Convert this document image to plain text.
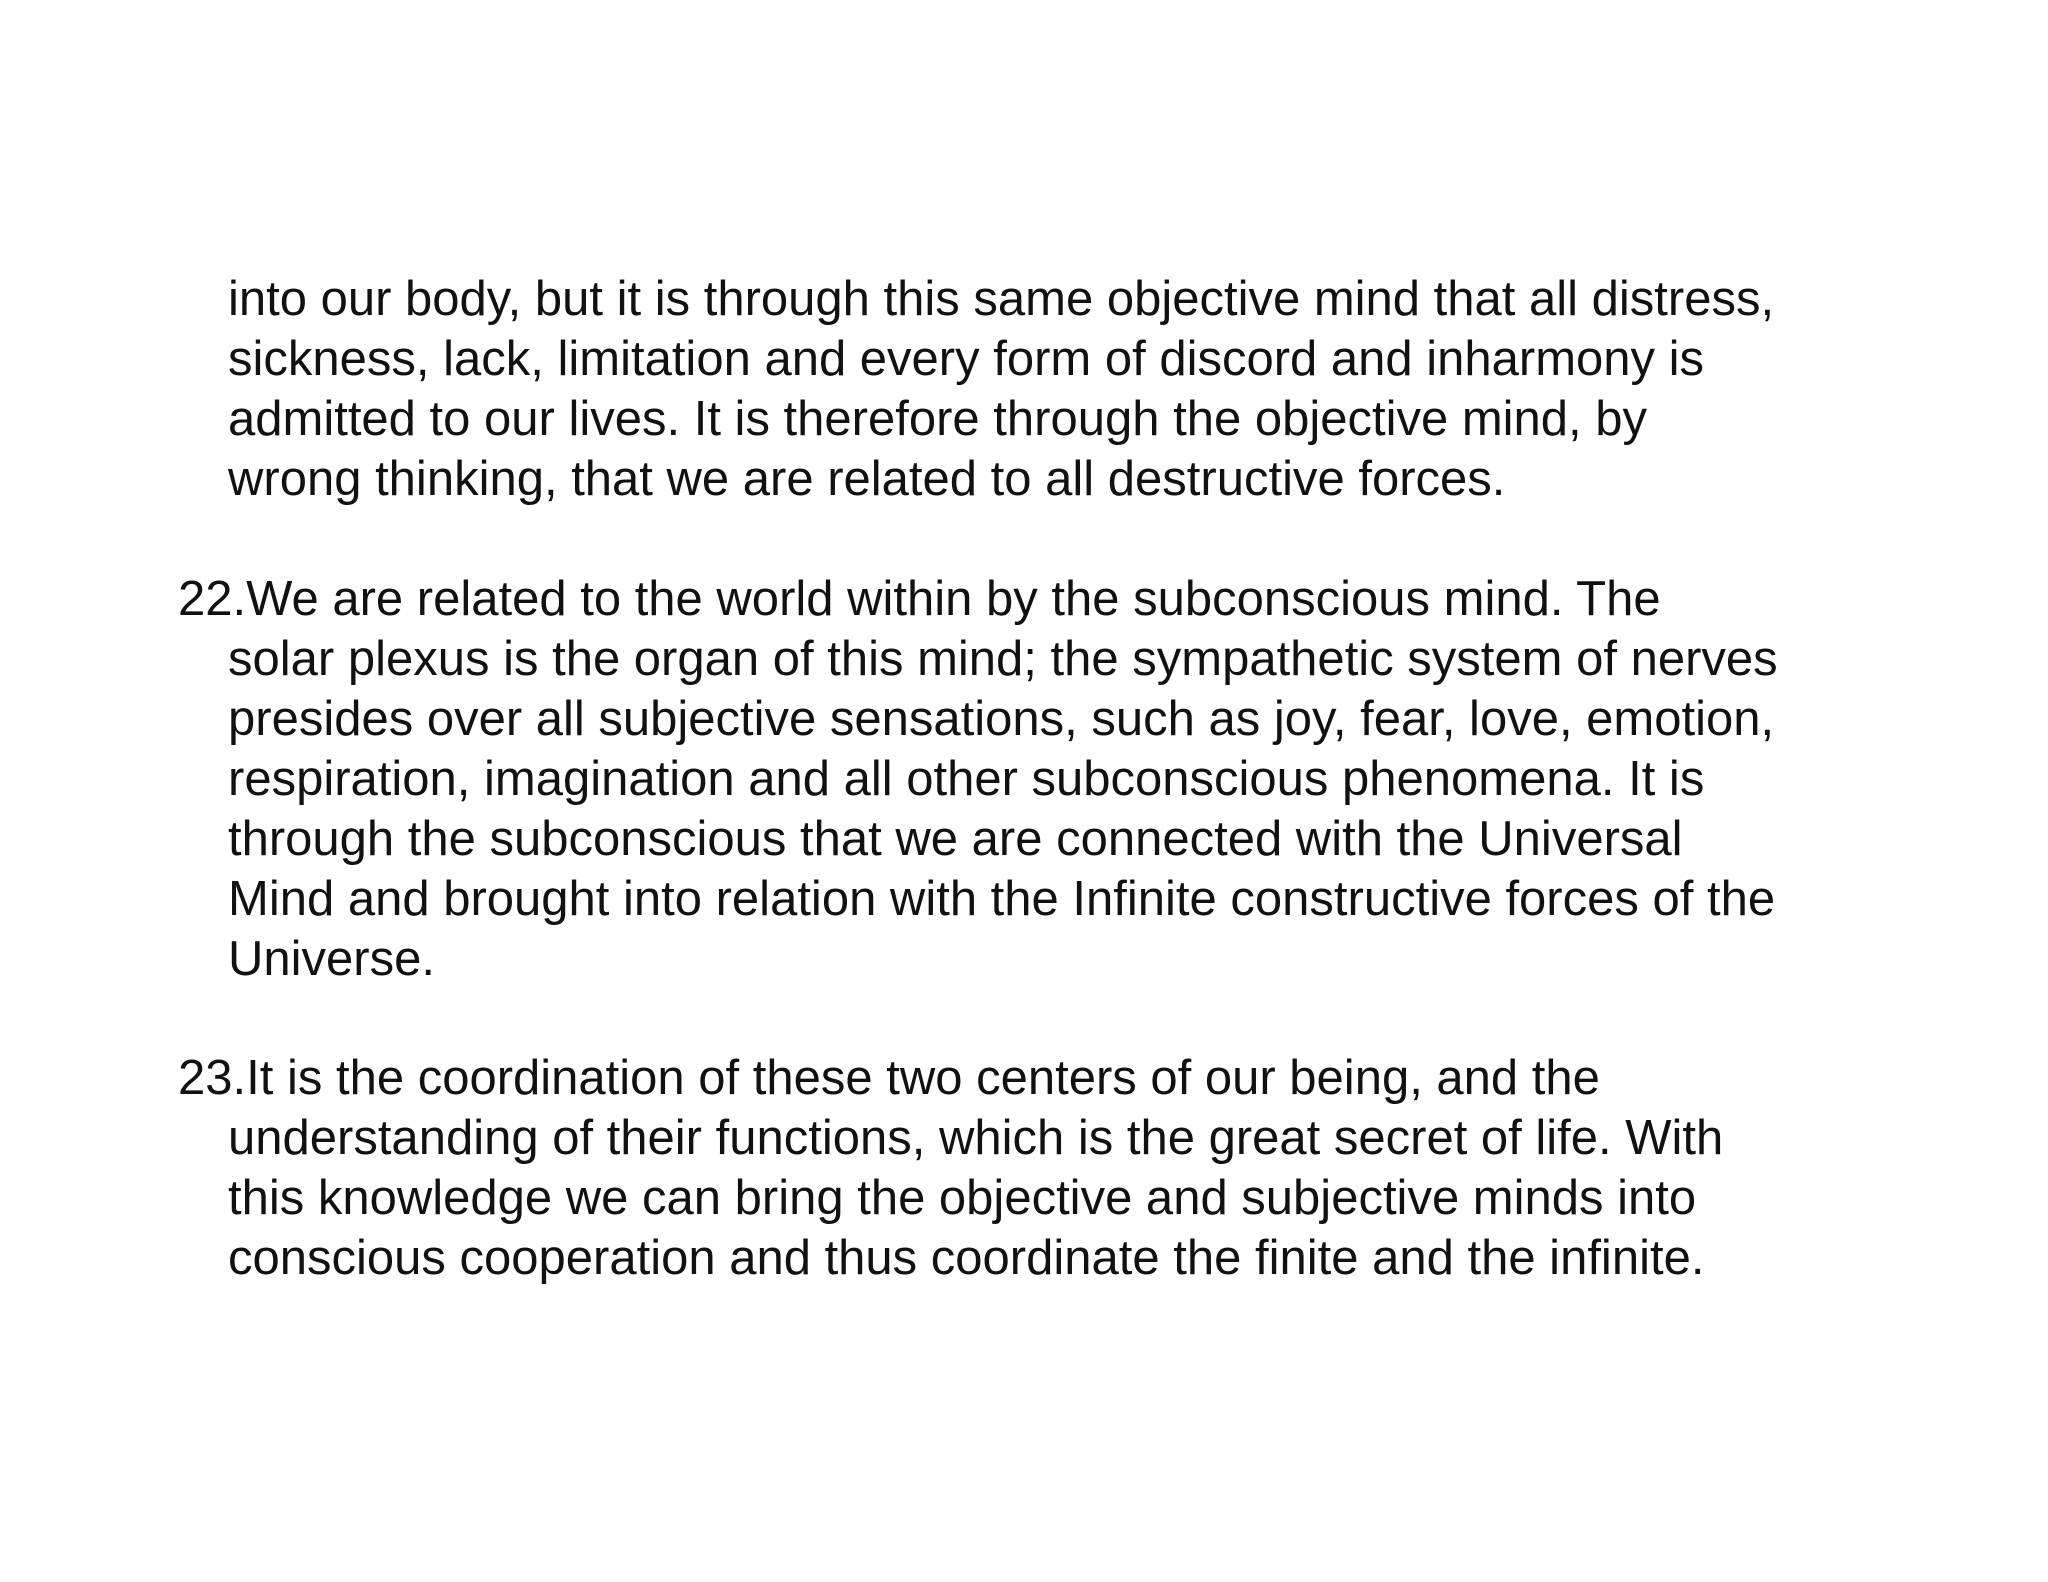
into our body, but it is through this same objective mind that all distress,
sickness, lack, limitation and every form of discord and inharmony is
admitted to our lives. It is therefore through the objective mind, by
wrong thinking, that we are related to all destructive forces.
22.We are related to the world within by the subconscious mind. The
solar plexus is the organ of this mind; the sympathetic system of nerves
presides over all subjective sensations, such as joy, fear, love, emotion,
respiration, imagination and all other subconscious phenomena. It is
through the subconscious that we are connected with the Universal
Mind and brought into relation with the Infinite constructive forces of the
Universe.
23.It is the coordination of these two centers of our being, and the
understanding of their functions, which is the great secret of life. With
this knowledge we can bring the objective and subjective minds into
conscious cooperation and thus coordinate the finite and the infinite.
